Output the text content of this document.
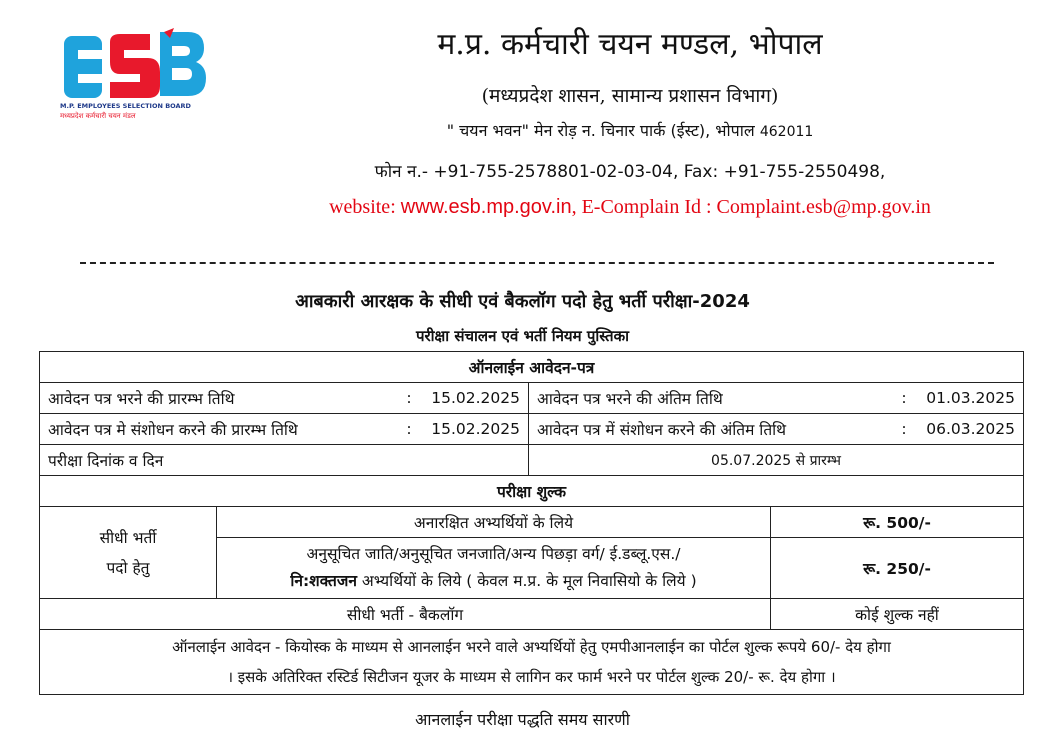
M.P. EMPLOYEES SELECTION BOARD
मध्यप्रदेश कर्मचारी चयन मंडल
म.प्र. कर्मचारी चयन मण्डल, भोपाल
(मध्यप्रदेश शासन, सामान्य प्रशासन विभाग)
" चयन भवन" मेन रोड़ न. चिनार पार्क (ईस्ट), भोपाल 462011
फोन न.- +91-755-2578801-02-03-04, Fax: +91-755-2550498,
website: www.esb.mp.gov.in, E-Complain Id : Complaint.esb@mp.gov.in
आबकारी आरक्षक के सीधी एवं बैकलॉग पदो हेतु भर्ती परीक्षा-2024
परीक्षा संचालन एवं भर्ती नियम पुस्तिका
ऑनलाईन आवेदन-पत्र			

आवेदन पत्र भरने की प्रारम्भ तिथि : 15.02.2025		आवेदन पत्र भरने की अंतिम तिथि : 01.03.2025	

आवेदन पत्र मे संशोधन करने की प्रारम्भ तिथि : 15.02.2025		आवेदन पत्र में संशोधन करने की अंतिम तिथि : 06.03.2025	

परीक्षा दिनांक व दिन		05.07.2025 से प्रारम्भ	
परीक्षा शुल्क			

सीधी भर्ती
पदो हेतु	अनारक्षित अभ्यर्थियों के लिये		रू. 500/-

	अनुसूचित जाति/अनुसूचित जनजाति/अन्य पिछड़ा वर्ग/ ई.डब्लू.एस./
नि:शक्तजन अभ्यर्थियों के लिये ( केवल म.प्र. के मूल निवासियो के लिये )		रू. 250/-
सीधी भर्ती - बैकलॉग			कोई शुल्क नहीं

ऑनलाईन आवेदन - कियोस्क के माध्यम से आनलाईन भरने वाले अभ्यर्थियों हेतु एमपीआनलाईन का पोर्टल शुल्क रूपये 60/- देय होगा
। इसके अतिरिक्त रस्टिर्ड सिटीजन यूजर के माध्यम से लागिन कर फार्म भरने पर पोर्टल शुल्क 20/- रू. देय होगा ।			
आनलाईन परीक्षा पद्धति समय सारणी
